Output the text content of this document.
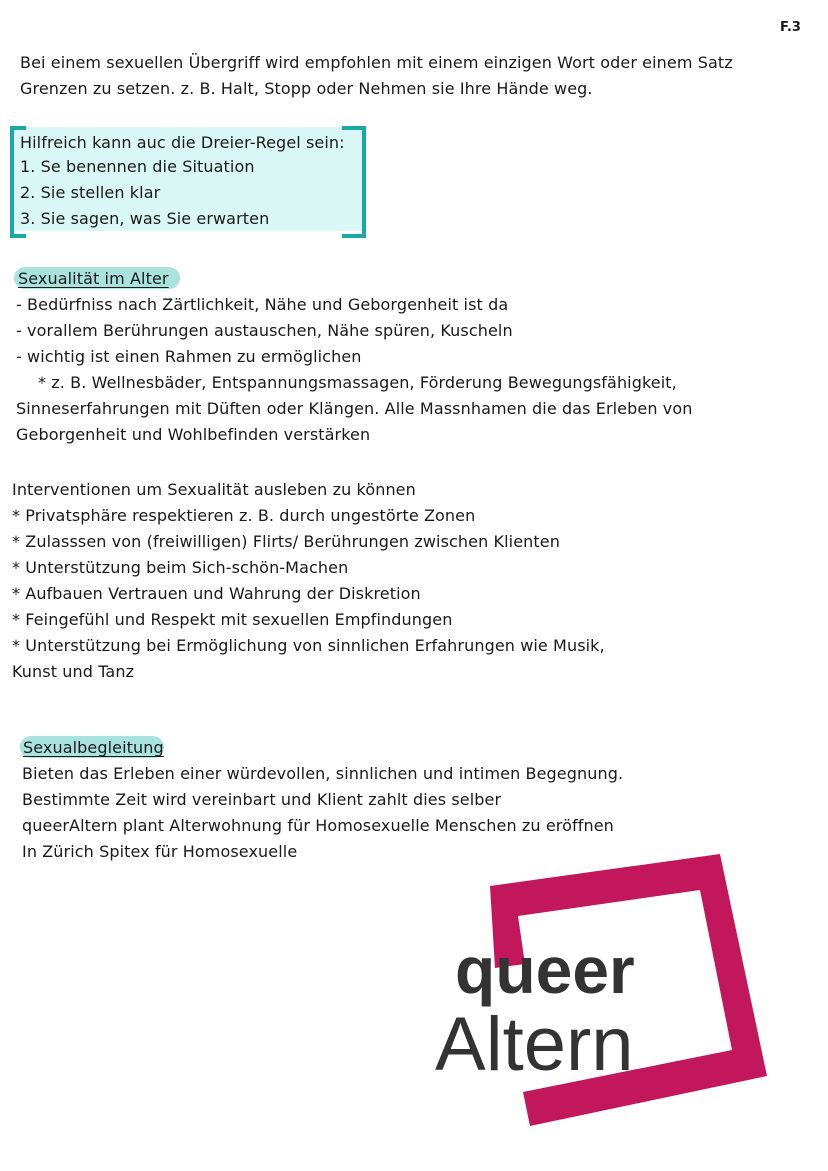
F.3
Bei einem sexuellen Übergriff wird empfohlen mit einem einzigen Wort oder einem Satz
Grenzen zu setzen. z. B. Halt, Stopp oder Nehmen sie Ihre Hände weg.
Hilfreich kann auc die Dreier-Regel sein:
1. Se benennen die Situation
2. Sie stellen klar
3. Sie sagen, was Sie erwarten
Sexualität im Alter
- Bedürfniss nach Zärtlichkeit, Nähe und Geborgenheit ist da
- vorallem Berührungen austauschen, Nähe spüren, Kuscheln
- wichtig ist einen Rahmen zu ermöglichen
* z. B. Wellnesbäder, Entspannungsmassagen, Förderung Bewegungsfähigkeit,
Sinneserfahrungen mit Düften oder Klängen. Alle Massnhamen die das Erleben von
Geborgenheit und Wohlbefinden verstärken
Interventionen um Sexualität ausleben zu können
* Privatsphäre respektieren z. B. durch ungestörte Zonen
* Zulasssen von (freiwilligen) Flirts/ Berührungen zwischen Klienten
* Unterstützung beim Sich-schön-Machen
* Aufbauen Vertrauen und Wahrung der Diskretion
* Feingefühl und Respekt mit sexuellen Empfindungen
* Unterstützung bei Ermöglichung von sinnlichen Erfahrungen wie Musik,
Kunst und Tanz
Sexualbegleitung
Bieten das Erleben einer würdevollen, sinnlichen und intimen Begegnung.
Bestimmte Zeit wird vereinbart und Klient zahlt dies selber
queerAltern plant Alterwohnung für Homosexuelle Menschen zu eröffnen
In Zürich Spitex für Homosexuelle
queer
Altern
